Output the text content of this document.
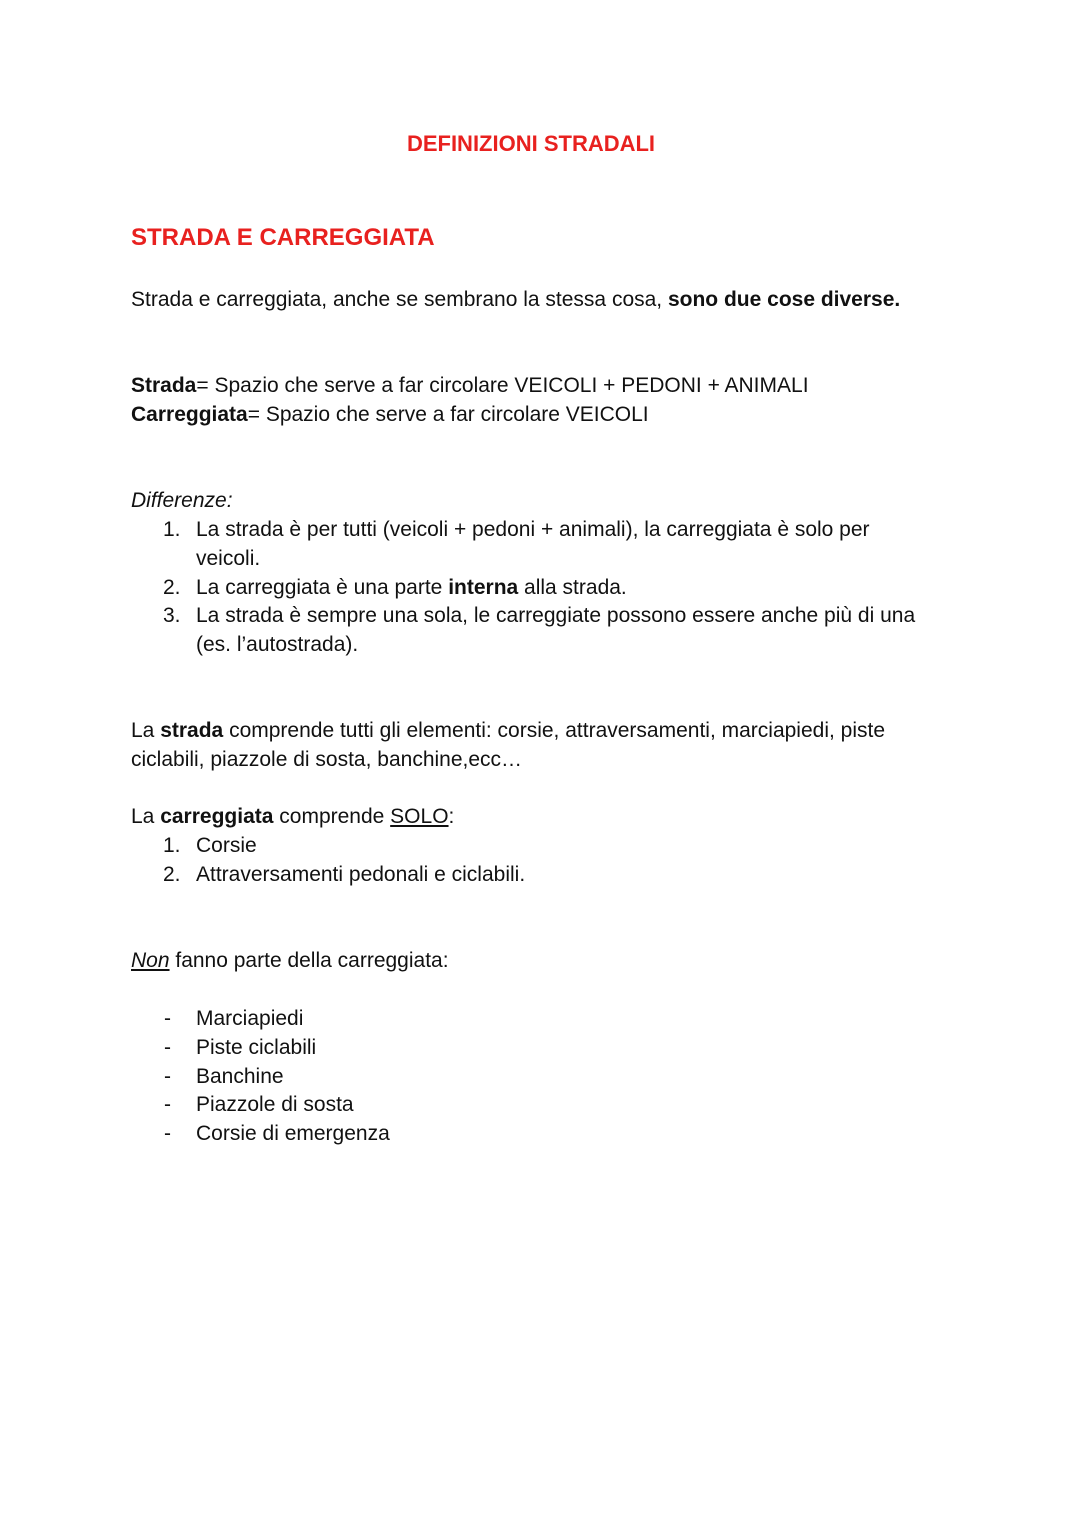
DEFINIZIONI STRADALI
STRADA E CARREGGIATA
Strada e carreggiata, anche se sembrano la stessa cosa, sono due cose diverse.
Strada= Spazio che serve a far circolare VEICOLI + PEDONI + ANIMALI
Carreggiata= Spazio che serve a far circolare VEICOLI
Differenze:
1. La strada è per tutti (veicoli + pedoni + animali), la carreggiata è solo per
veicoli.
2. La carreggiata è una parte interna alla strada.
3. La strada è sempre una sola, le carreggiate possono essere anche più di una
(es. l’autostrada).
La strada comprende tutti gli elementi: corsie, attraversamenti, marciapiedi, piste
ciclabili, piazzole di sosta, banchine,ecc…
La carreggiata comprende SOLO:
1. Corsie
2. Attraversamenti pedonali e ciclabili.
Non fanno parte della carreggiata:
- Marciapiedi
- Piste ciclabili
- Banchine
- Piazzole di sosta
- Corsie di emergenza
